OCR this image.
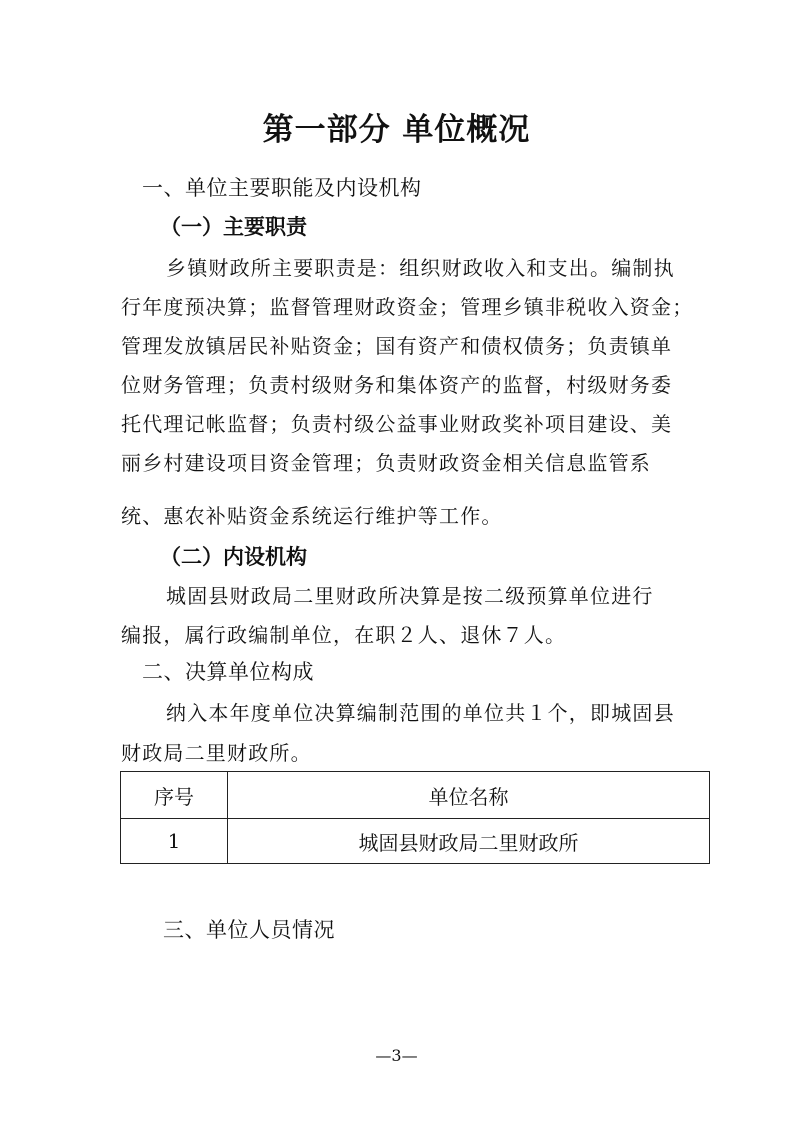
第一部分 单位概况
一、单位主要职能及内设机构
（一）主要职责
乡镇财政所主要职责是：组织财政收入和支出。编制执
行年度预决算；监督管理财政资金；管理乡镇非税收入资金；
管理发放镇居民补贴资金；国有资产和债权债务；负责镇单
位财务管理；负责村级财务和集体资产的监督，村级财务委
托代理记帐监督；负责村级公益事业财政奖补项目建设、美
丽乡村建设项目资金管理；负责财政资金相关信息监管系
统、惠农补贴资金系统运行维护等工作。
（二）内设机构
城固县财政局二里财政所决算是按二级预算单位进行
编报，属行政编制单位，在职２人、退休７人。
二、决算单位构成
纳入本年度单位决算编制范围的单位共１个，即城固县
财政局二里财政所。
序号	单位名称
1	城固县财政局二里财政所
三、单位人员情况
—3—
